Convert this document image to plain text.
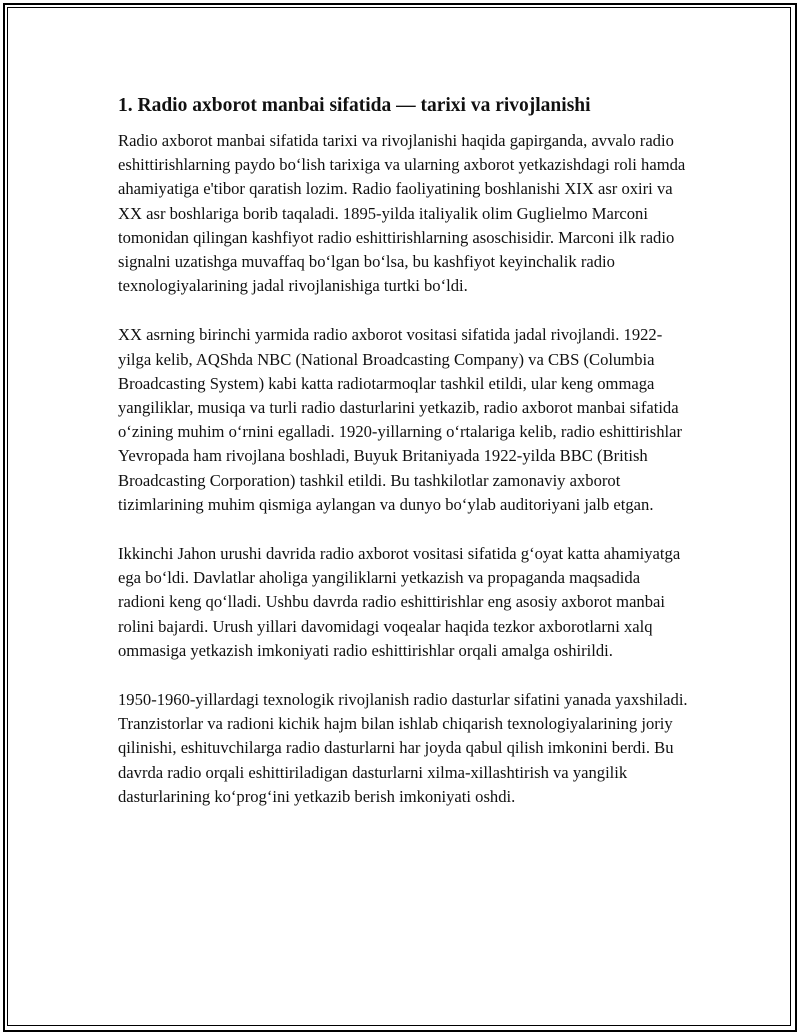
1. Radio axborot manbai sifatida — tarixi va rivojlanishi

Radio axborot manbai sifatida tarixi va rivojlanishi haqida gapirganda, avvalo radio eshittirishlarning paydo boʻlish tarixiga va ularning axborot yetkazishdagi roli hamda ahamiyatiga e'tibor qaratish lozim. Radio faoliyatining boshlanishi XIX asr oxiri va XX asr boshlariga borib taqaladi. 1895-yilda italiyalik olim Guglielmo Marconi tomonidan qilingan kashfiyot radio eshittirishlarning asoschisidir. Marconi ilk radio signalni uzatishga muvaffaq boʻlgan boʻlsa, bu kashfiyot keyinchalik radio texnologiyalarining jadal rivojlanishiga turtki boʻldi.

XX asrning birinchi yarmida radio axborot vositasi sifatida jadal rivojlandi. 1922-yilga kelib, AQShda NBC (National Broadcasting Company) va CBS (Columbia Broadcasting System) kabi katta radiotarmoqlar tashkil etildi, ular keng ommaga yangiliklar, musiqa va turli radio dasturlarini yetkazib, radio axborot manbai sifatida oʻzining muhim oʻrnini egalladi. 1920-yillarning oʻrtalariga kelib, radio eshittirishlar Yevropada ham rivojlana boshladi, Buyuk Britaniyada 1922-yilda BBC (British Broadcasting Corporation) tashkil etildi. Bu tashkilotlar zamonaviy axborot tizimlarining muhim qismiga aylangan va dunyo boʻylab auditoriyani jalb etgan.

Ikkinchi Jahon urushi davrida radio axborot vositasi sifatida gʻoyat katta ahamiyatga ega boʻldi. Davlatlar aholiga yangiliklarni yetkazish va propaganda maqsadida radioni keng qoʻlladi. Ushbu davrda radio eshittirishlar eng asosiy axborot manbai rolini bajardi. Urush yillari davomidagi voqealar haqida tezkor axborotlarni xalq ommasiga yetkazish imkoniyati radio eshittirishlar orqali amalga oshirildi.

1950-1960-yillardagi texnologik rivojlanish radio dasturlar sifatini yanada yaxshiladi. Tranzistorlar va radioni kichik hajm bilan ishlab chiqarish texnologiyalarining joriy qilinishi, eshituvchilarga radio dasturlarni har joyda qabul qilish imkonini berdi. Bu davrda radio orqali eshittiriladigan dasturlarni xilma-xillashtirish va yangilik dasturlarining koʻprogʻini yetkazib berish imkoniyati oshdi.
